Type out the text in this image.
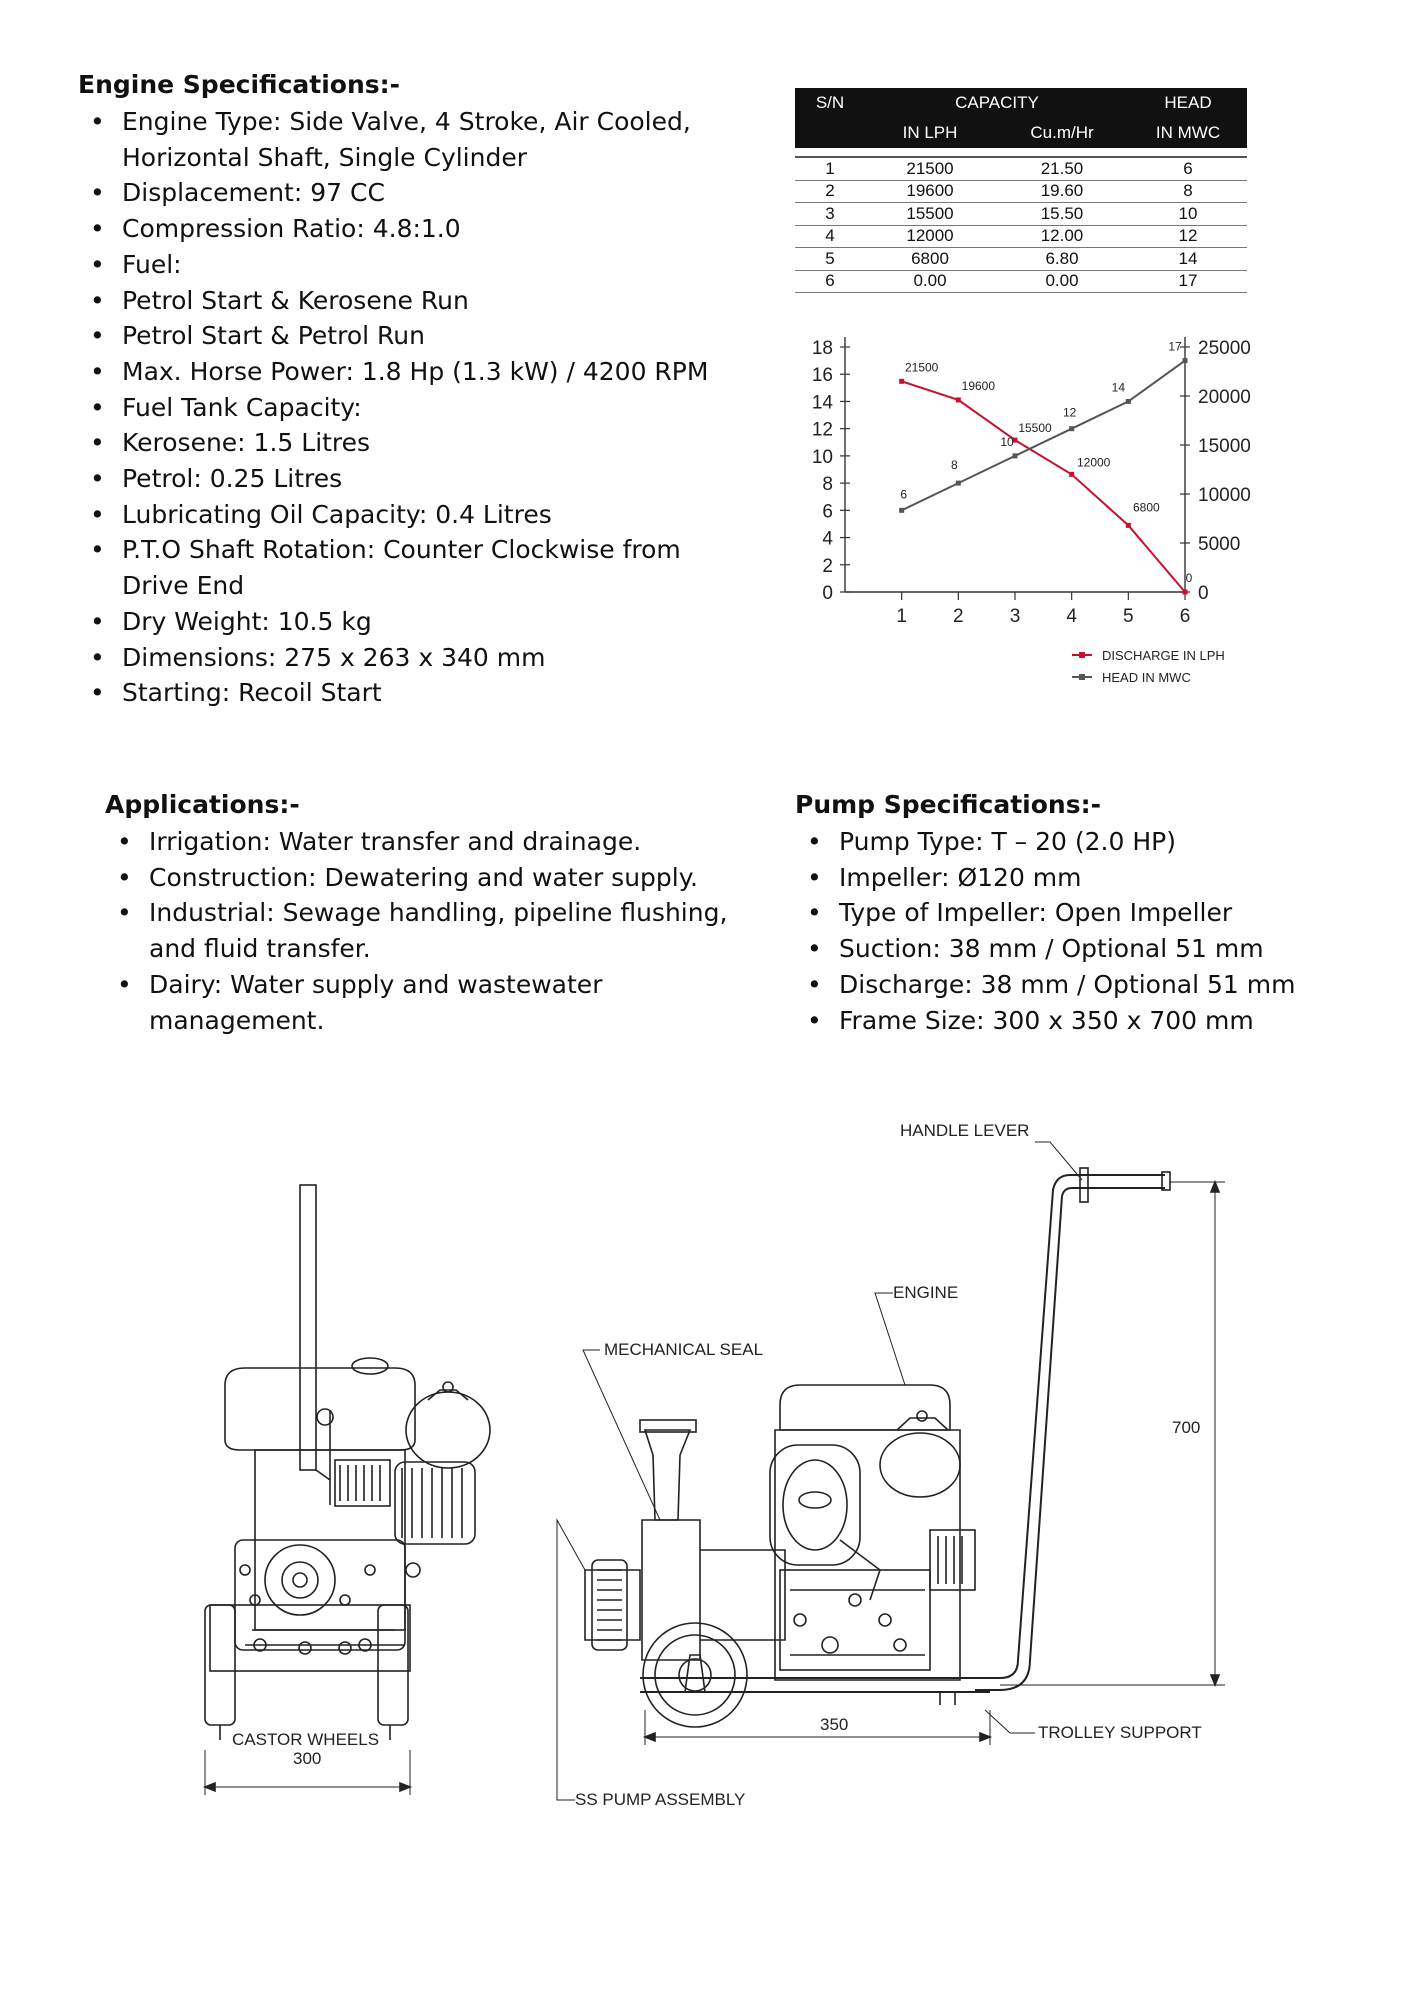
Engine Specifications:-
• Engine Type: Side Valve, 4 Stroke, Air Cooled, Horizontal Shaft, Single Cylinder
• Displacement: 97 CC
• Compression Ratio: 4.8:1.0
• Fuel:
• Petrol Start & Kerosene Run
• Petrol Start & Petrol Run
• Max. Horse Power: 1.8 Hp (1.3 kW) / 4200 RPM
• Fuel Tank Capacity:
• Kerosene: 1.5 Litres
• Petrol: 0.25 Litres
• Lubricating Oil Capacity: 0.4 Litres
• P.T.O Shaft Rotation: Counter Clockwise from Drive End
• Dry Weight: 10.5 kg
• Dimensions: 275 x 263 x 340 mm
• Starting: Recoil Start
S/N	CAPACITY		HEAD
	IN LPH	Cu.m/Hr	IN MWC

1	21500	21.50	6
2	19600	19.60	8
3	15500	15.50	10
4	12000	12.00	12
5	6800	6.80	14
6	0.00	0.00	17
0
2
4
6
8
10
12
14
16
18
0
5000
10000
15000
20000
25000
1 2 3 4 5 6
21500
19600
15500
12000
6800
0
6
8
10
12
14
17
DISCHARGE IN LPH
HEAD IN MWC
Applications:-
• Irrigation: Water transfer and drainage.
• Construction: Dewatering and water supply.
• Industrial: Sewage handling, pipeline flushing, and fluid transfer.
• Dairy: Water supply and wastewater management.
Pump Specifications:-
• Pump Type: T – 20 (2.0 HP)
• Impeller: Ø120 mm
• Type of Impeller: Open Impeller
• Suction: 38 mm / Optional 51 mm
• Discharge: 38 mm / Optional 51 mm
• Frame Size: 300 x 350 x 700 mm
HANDLE LEVER
ENGINE
MECHANICAL SEAL
700
CASTOR WHEELS
300
350	TROLLEY SUPPORT
SS PUMP ASSEMBLY
